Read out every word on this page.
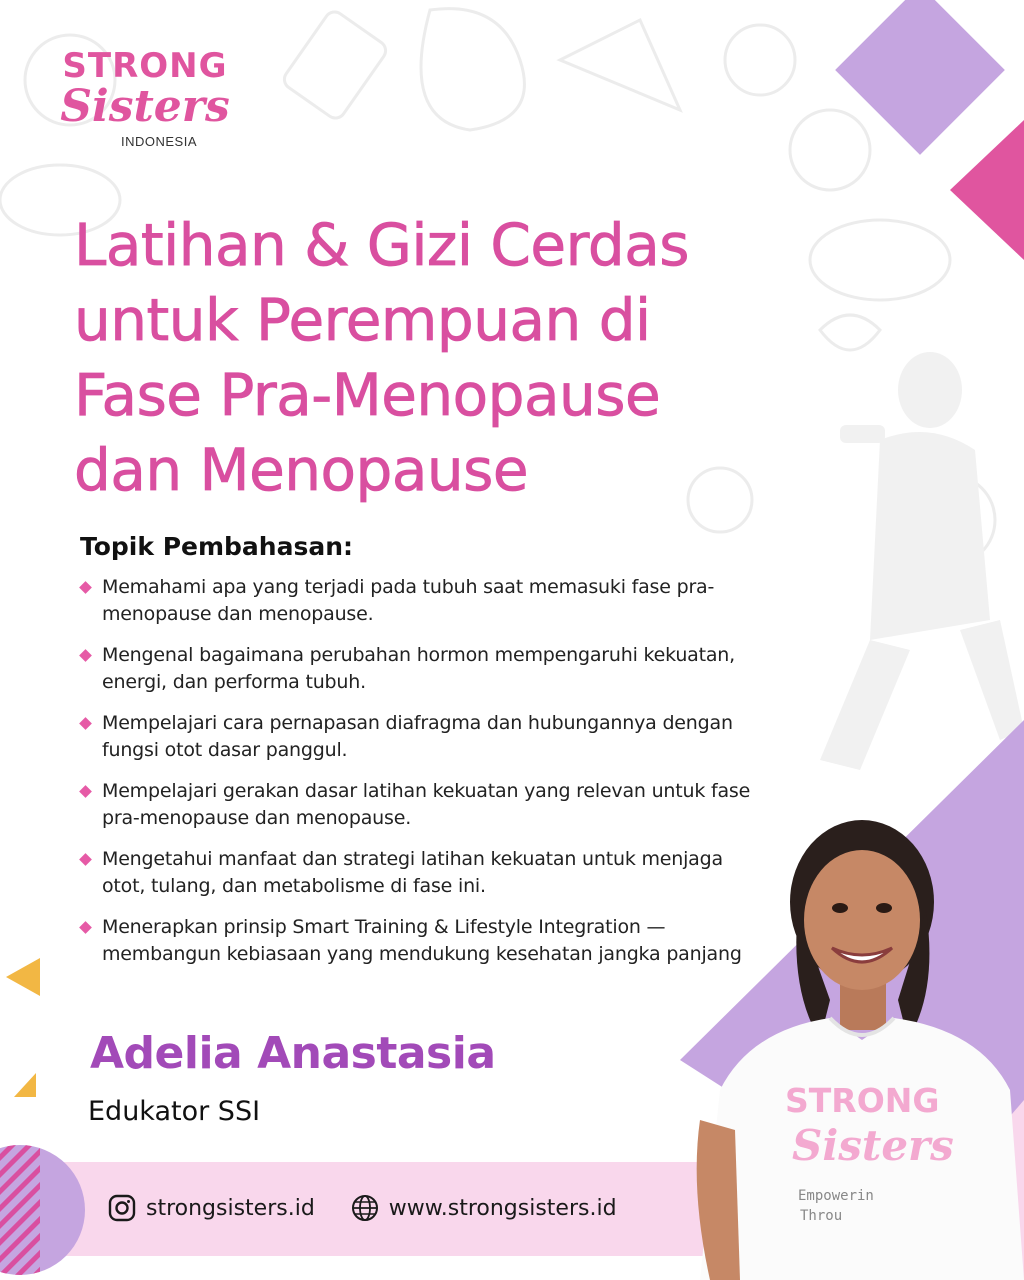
STRONG
Sisters
INDONESIA
Latihan & Gizi Cerdas
untuk Perempuan di
Fase Pra-Menopause
dan Menopause
Topik Pembahasan:
Memahami apa yang terjadi pada tubuh saat memasuki fase pra-menopause dan menopause.
Mengenal bagaimana perubahan hormon mempengaruhi kekuatan, energi, dan performa tubuh.
Mempelajari cara pernapasan diafragma dan hubungannya dengan fungsi otot dasar panggul.
Mempelajari gerakan dasar latihan kekuatan yang relevan untuk fase pra-menopause dan menopause.
Mengetahui manfaat dan strategi latihan kekuatan untuk menjaga otot, tulang, dan metabolisme di fase ini.
Menerapkan prinsip Smart Training & Lifestyle Integration — membangun kebiasaan yang mendukung kesehatan jangka panjang
Adelia Anastasia
Edukator SSI	STRONG
Sisters
Empowerin
Throu
strongsisters.id	www.strongsisters.id
